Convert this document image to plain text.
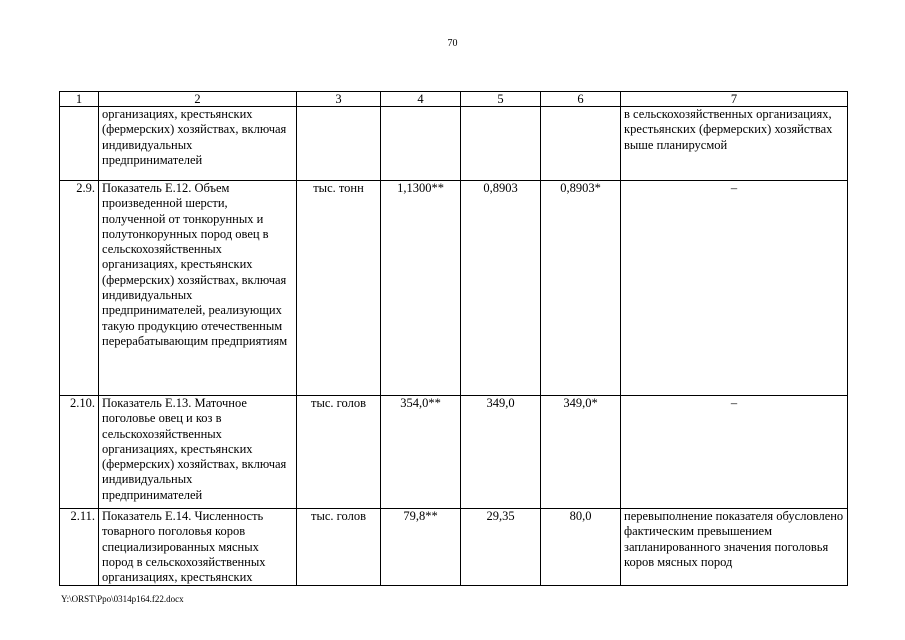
70
1	2	3	4	5	6	7
	организациях, крестьянских (фермерских) хозяйствах, включая индивидуальных предпринимателей					в сельскохозяйственных организациях, крестьянских (фермерских) хозяйствах выше планирусмой
2.9.	Показатель Е.12. Объем произведенной шерсти, полученной от тонкорунных и полутонкорунных пород овец в сельскохозяйственных организациях, крестьянских (фермерских) хозяйствах, включая индивидуальных предпринимателей, реализующих такую продукцию отечественным перерабатывающим предприятиям	тыс. тонн	1,1300**	0,8903	0,8903*	–
2.10.	Показатель Е.13. Маточное поголовье овец и коз в сельскохозяйственных организациях, крестьянских (фермерских) хозяйствах, включая индивидуальных предпринимателей	тыс. голов	354,0**	349,0	349,0*	–
2.11.	Показатель Е.14. Численность товарного поголовья коров специализированных мясных пород в сельскохозяйственных организациях, крестьянских	тыс. голов	79,8**	29,35	80,0	перевыполнение показателя обусловлено фактическим превышением запланированного значения поголовья коров мясных пород
Y:\ORST\Ppo\0314p164.f22.docx
